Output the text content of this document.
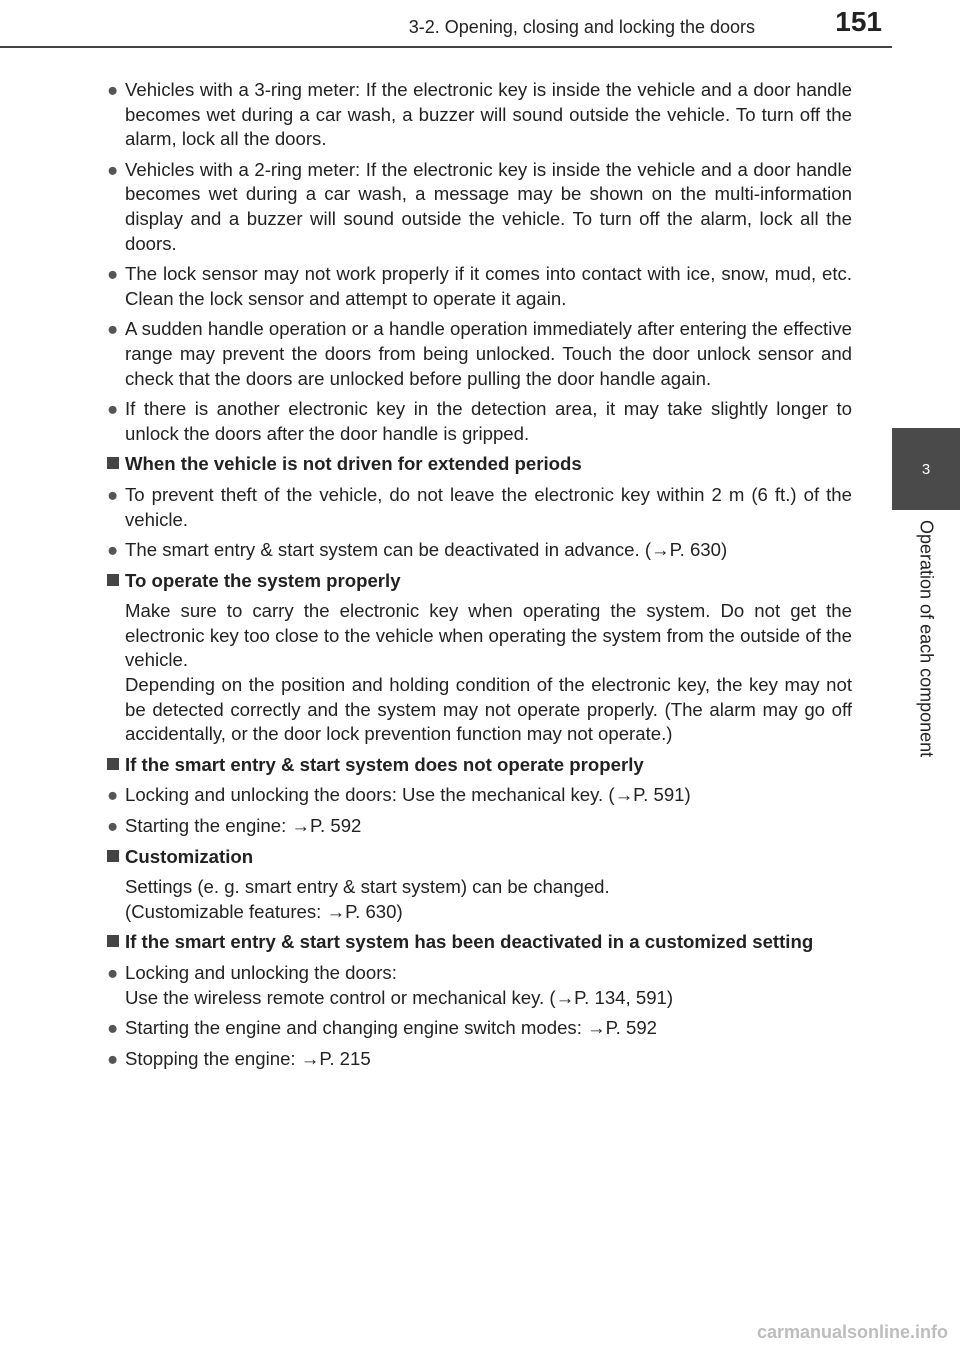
3-2. Opening, closing and locking the doors	151
3
Operation of each component
● Vehicles with a 3-ring meter: If the electronic key is inside the vehicle and a door handle becomes wet during a car wash, a buzzer will sound outside the vehicle. To turn off the alarm, lock all the doors.
● Vehicles with a 2-ring meter: If the electronic key is inside the vehicle and a door handle becomes wet during a car wash, a message may be shown on the multi-information display and a buzzer will sound outside the vehicle. To turn off the alarm, lock all the doors.
● The lock sensor may not work properly if it comes into contact with ice, snow, mud, etc. Clean the lock sensor and attempt to operate it again.
● A sudden handle operation or a handle operation immediately after entering the effective range may prevent the doors from being unlocked. Touch the door unlock sensor and check that the doors are unlocked before pulling the door handle again.
● If there is another electronic key in the detection area, it may take slightly longer to unlock the doors after the door handle is gripped.
When the vehicle is not driven for extended periods
● To prevent theft of the vehicle, do not leave the electronic key within 2 m (6 ft.) of the vehicle.
● The smart entry & start system can be deactivated in advance. (→P. 630)
To operate the system properly
Make sure to carry the electronic key when operating the system. Do not get the electronic key too close to the vehicle when operating the system from the outside of the vehicle.
Depending on the position and holding condition of the electronic key, the key may not be detected correctly and the system may not operate properly. (The alarm may go off accidentally, or the door lock prevention function may not operate.)
If the smart entry & start system does not operate properly
● Locking and unlocking the doors: Use the mechanical key. (→P. 591)
● Starting the engine: →P. 592
Customization
Settings (e. g. smart entry & start system) can be changed.
(Customizable features: →P. 630)
If the smart entry & start system has been deactivated in a customized setting
● Locking and unlocking the doors:
Use the wireless remote control or mechanical key. (→P. 134, 591)
● Starting the engine and changing engine switch modes: →P. 592
● Stopping the engine: →P. 215
carmanualsonline.info
